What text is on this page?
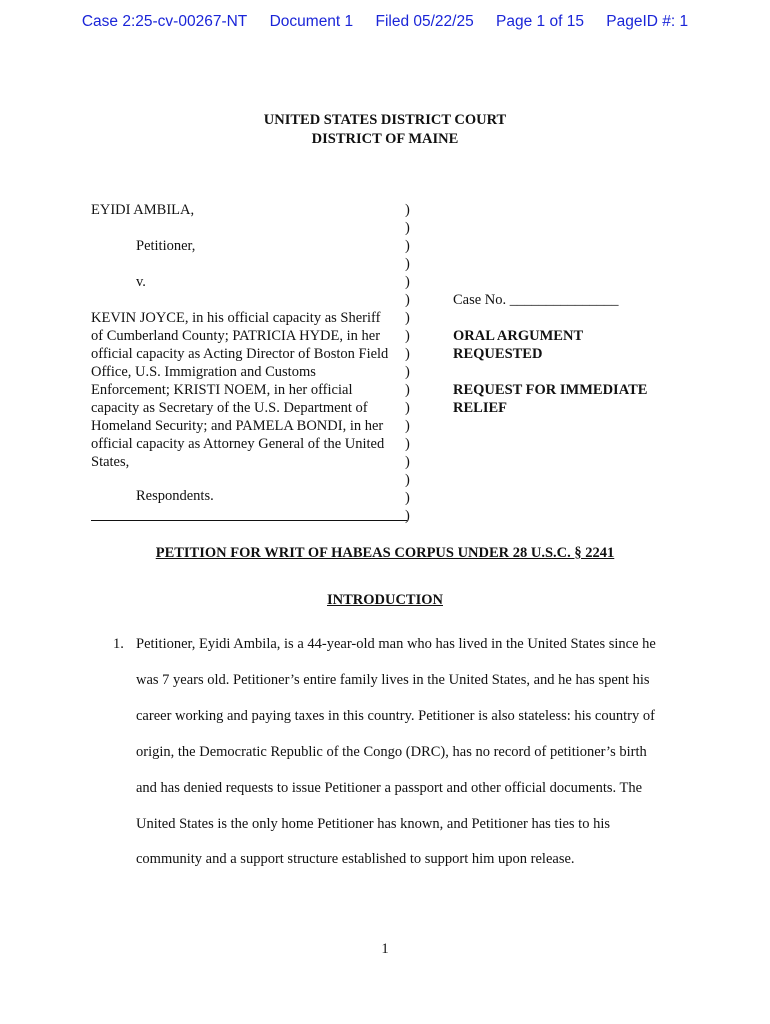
Case 2:25-cv-00267-NT Document 1 Filed 05/22/25 Page 1 of 15 PageID #: 1
UNITED STATES DISTRICT COURT
DISTRICT OF MAINE
EYIDI AMBILA,
Petitioner,
v.
KEVIN JOYCE, in his official capacity as Sheriff
of Cumberland County; PATRICIA HYDE, in her
official capacity as Acting Director of Boston Field
Office, U.S. Immigration and Customs
Enforcement; KRISTI NOEM, in her official
capacity as Secretary of the U.S. Department of
Homeland Security; and PAMELA BONDI, in her
official capacity as Attorney General of the United
States,
Respondents.
)
)
)
)
)
)
)
)
)
)
)
)
)
)
)
)
)
)
Case No. _______________
ORAL ARGUMENT
REQUESTED
REQUEST FOR IMMEDIATE
RELIEF
PETITION FOR WRIT OF HABEAS CORPUS UNDER 28 U.S.C. § 2241
INTRODUCTION
1. Petitioner, Eyidi Ambila, is a 44-year-old man who has lived in the United States since he
was 7 years old. Petitioner’s entire family lives in the United States, and he has spent his
career working and paying taxes in this country. Petitioner is also stateless: his country of
origin, the Democratic Republic of the Congo (DRC), has no record of petitioner’s birth
and has denied requests to issue Petitioner a passport and other official documents. The
United States is the only home Petitioner has known, and Petitioner has ties to his
community and a support structure established to support him upon release.
1
